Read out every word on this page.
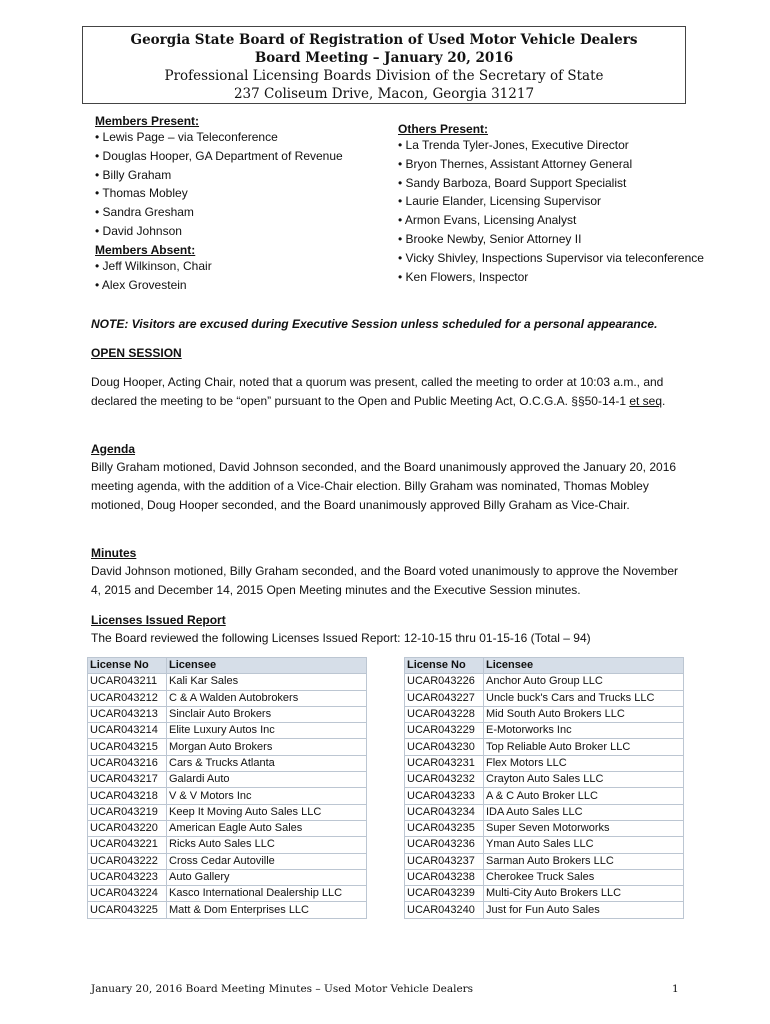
Georgia State Board of Registration of Used Motor Vehicle Dealers
Board Meeting – January 20, 2016
Professional Licensing Boards Division of the Secretary of State
237 Coliseum Drive, Macon, Georgia 31217
Members Present:
• Lewis Page – via Teleconference
• Douglas Hooper, GA Department of Revenue
• Billy Graham
• Thomas Mobley
• Sandra Gresham
• David Johnson
Members Absent:
• Jeff Wilkinson, Chair
• Alex Grovestein
Others Present:
• La Trenda Tyler-Jones, Executive Director
• Bryon Thernes, Assistant Attorney General
• Sandy Barboza, Board Support Specialist
• Laurie Elander, Licensing Supervisor
• Armon Evans, Licensing Analyst
• Brooke Newby, Senior Attorney II
• Vicky Shivley, Inspections Supervisor via teleconference
• Ken Flowers, Inspector
NOTE: Visitors are excused during Executive Session unless scheduled for a personal appearance.
OPEN SESSION
Doug Hooper, Acting Chair, noted that a quorum was present, called the meeting to order at 10:03 a.m., and declared the meeting to be “open” pursuant to the Open and Public Meeting Act, O.C.G.A. §§50-14-1 et seq.
Agenda
Billy Graham motioned, David Johnson seconded, and the Board unanimously approved the January 20, 2016 meeting agenda, with the addition of a Vice-Chair election. Billy Graham was nominated, Thomas Mobley motioned, Doug Hooper seconded, and the Board unanimously approved Billy Graham as Vice-Chair.
Minutes
David Johnson motioned, Billy Graham seconded, and the Board voted unanimously to approve the November 4, 2015 and December 14, 2015 Open Meeting minutes and the Executive Session minutes.
Licenses Issued Report
The Board reviewed the following Licenses Issued Report: 12-10-15 thru 01-15-16 (Total – 94)
License No	Licensee
UCAR043211	Kali Kar Sales
UCAR043212	C & A Walden Autobrokers
UCAR043213	Sinclair Auto Brokers
UCAR043214	Elite Luxury Autos Inc
UCAR043215	Morgan Auto Brokers
UCAR043216	Cars & Trucks Atlanta
UCAR043217	Galardi Auto
UCAR043218	V & V Motors Inc
UCAR043219	Keep It Moving Auto Sales LLC
UCAR043220	American Eagle Auto Sales
UCAR043221	Ricks Auto Sales LLC
UCAR043222	Cross Cedar Autoville
UCAR043223	Auto Gallery
UCAR043224	Kasco International Dealership LLC
UCAR043225	Matt & Dom Enterprises LLC
License No	Licensee
UCAR043226	Anchor Auto Group LLC
UCAR043227	Uncle buck's Cars and Trucks LLC
UCAR043228	Mid South Auto Brokers LLC
UCAR043229	E-Motorworks Inc
UCAR043230	Top Reliable Auto Broker LLC
UCAR043231	Flex Motors LLC
UCAR043232	Crayton Auto Sales LLC
UCAR043233	A & C Auto Broker LLC
UCAR043234	IDA Auto Sales LLC
UCAR043235	Super Seven Motorworks
UCAR043236	Yman Auto Sales LLC
UCAR043237	Sarman Auto Brokers LLC
UCAR043238	Cherokee Truck Sales
UCAR043239	Multi-City Auto Brokers LLC
UCAR043240	Just for Fun Auto Sales
January 20, 2016 Board Meeting Minutes – Used Motor Vehicle Dealers	1
